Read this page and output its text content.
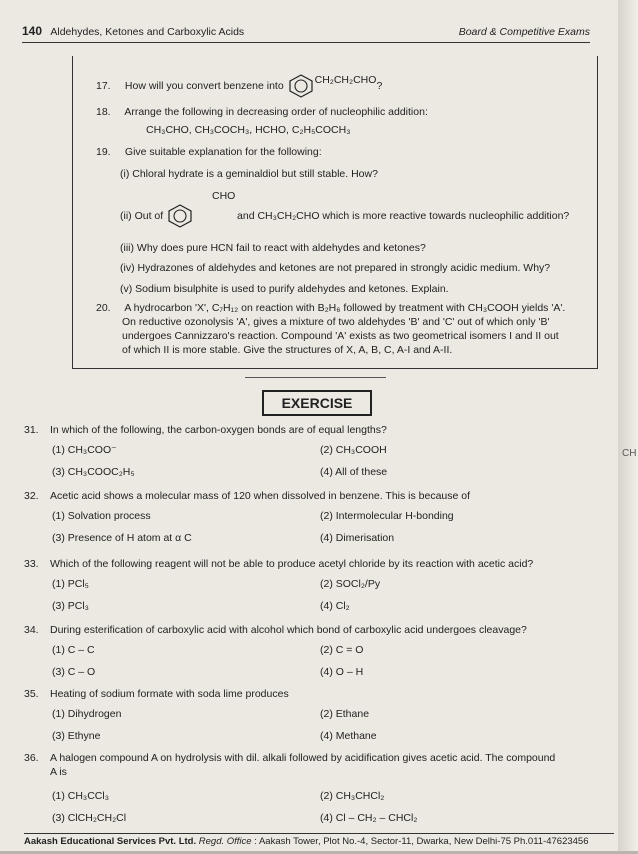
140 Aldehydes, Ketones and Carboxylic Acids	Board & Competitive Exams
17. How will you convert benzene into	CH₂CH₂CHO?
18. Arrange the following in decreasing order of nucleophilic addition:
CH₃CHO, CH₃COCH₃, HCHO, C₂H₅COCH₃
19. Give suitable explanation for the following:
(i) Chloral hydrate is a geminaldiol but still stable. How?
(ii) Out of	and CH₃CH₂CHO which is more reactive towards nucleophilic addition?
CHO
(iii) Why does pure HCN fail to react with aldehydes and ketones?
(iv) Hydrazones of aldehydes and ketones are not prepared in strongly acidic medium. Why?
(v) Sodium bisulphite is used to purify aldehydes and ketones. Explain.
20. A hydrocarbon 'X', C₇H₁₂ on reaction with B₂H₆ followed by treatment with CH₃COOH yields 'A'.
On reductive ozonolysis 'A', gives a mixture of two aldehydes 'B' and 'C' out of which only 'B'
undergoes Cannizzaro's reaction. Compound 'A' exists as two geometrical isomers I and II out
of which II is more stable. Give the structures of X, A, B, C, A-I and A-II.
EXERCISE
31. In which of the following, the carbon-oxygen bonds are of equal lengths?
(1) CH₃COO⁻	(2) CH₃COOH
(3) CH₃COOC₂H₅	(4) All of these
32. Acetic acid shows a molecular mass of 120 when dissolved in benzene. This is because of
(1) Solvation process	(2) Intermolecular H-bonding
(3) Presence of H atom at α C	(4) Dimerisation
33. Which of the following reagent will not be able to produce acetyl chloride by its reaction with acetic acid?
(1) PCl₅	(2) SOCl₂/Py
(3) PCl₃	(4) Cl₂
34. During esterification of carboxylic acid with alcohol which bond of carboxylic acid undergoes cleavage?
(1) C – C	(2) C = O
(3) C – O	(4) O – H
35. Heating of sodium formate with soda lime produces
(1) Dihydrogen	(2) Ethane
(3) Ethyne	(4) Methane
36. A halogen compound A on hydrolysis with dil. alkali followed by acidification gives acetic acid. The compound
A is
(1) CH₃CCl₃	(2) CH₃CHCl₂
(3) ClCH₂CH₂Cl	(4) Cl – CH₂ – CHCl₂
Aakash Educational Services Pvt. Ltd. Regd. Office : Aakash Tower, Plot No.-4, Sector-11, Dwarka, New Delhi-75 Ph.011-47623456
CH
